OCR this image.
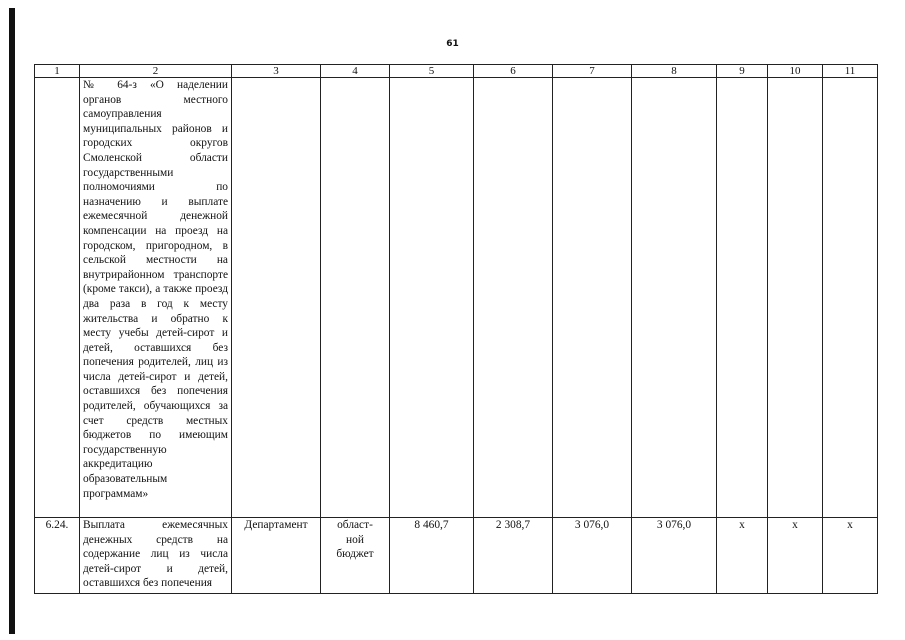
61
1	2	3	4	5	6	7	8	9	10	11
	№ 64-з «О наделении органов местного самоуправления муниципальных районов и городских округов Смоленской области государственными полномочиями по назначению и выплате ежемесячной денежной компенсации на проезд на городском, пригородном, в сельской местности на внутрирайонном транспорте (кроме такси), а также проезд два раза в год к месту жительства и обратно к месту учебы детей-сирот и детей, оставшихся без попечения родителей, лиц из числа детей-сирот и детей, оставшихся без попечения родителей, обучающихся за счет средств местных бюджетов по имеющим государственную аккредитацию образовательным программам»									
6.24.	Выплата ежемесячных денежных средств на содержание лиц из числа детей-сирот и детей, оставшихся без попечения	Департамент	област-ной бюджет	8 460,7	2 308,7	3 076,0	3 076,0	x	x	x
